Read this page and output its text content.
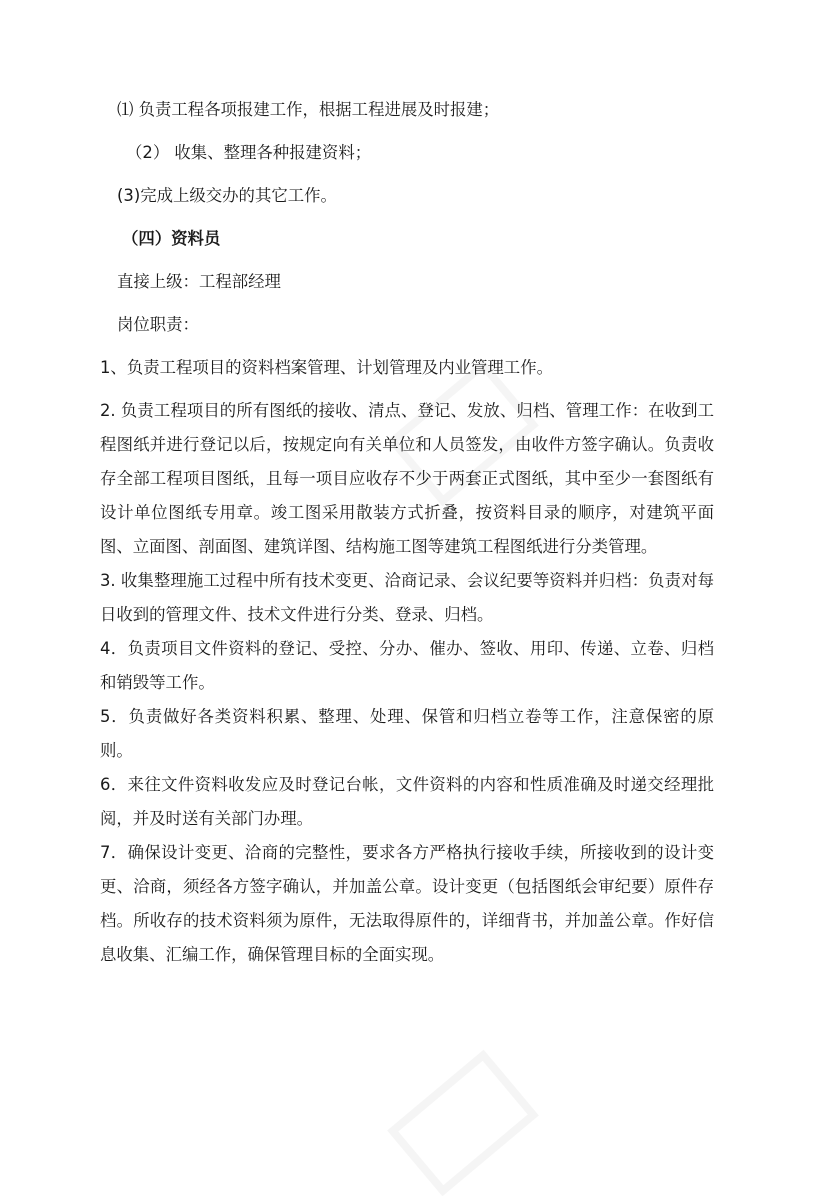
⑴ 负责工程各项报建工作，根据工程进展及时报建；

（2） 收集、整理各种报建资料；

(3)完成上级交办的其它工作。

（四）资料员

直接上级：工程部经理

岗位职责：

1、负责工程项目的资料档案管理、计划管理及内业管理工作。

2. 负责工程项目的所有图纸的接收、清点、登记、发放、归档、管理工作：在收到工程图纸并进行登记以后，按规定向有关单位和人员签发，由收件方签字确认。负责收存全部工程项目图纸，且每一项目应收存不少于两套正式图纸，其中至少一套图纸有设计单位图纸专用章。竣工图采用散装方式折叠，按资料目录的顺序，对建筑平面图、立面图、剖面图、建筑详图、结构施工图等建筑工程图纸进行分类管理。

3. 收集整理施工过程中所有技术变更、洽商记录、会议纪要等资料并归档：负责对每日收到的管理文件、技术文件进行分类、登录、归档。

4．负责项目文件资料的登记、受控、分办、催办、签收、用印、传递、立卷、归档和销毁等工作。

5．负责做好各类资料积累、整理、处理、保管和归档立卷等工作，注意保密的原则。

6．来往文件资料收发应及时登记台帐，文件资料的内容和性质准确及时递交经理批阅，并及时送有关部门办理。

7．确保设计变更、洽商的完整性，要求各方严格执行接收手续，所接收到的设计变更、洽商，须经各方签字确认，并加盖公章。设计变更（包括图纸会审纪要）原件存档。所收存的技术资料须为原件，无法取得原件的，详细背书，并加盖公章。作好信息收集、汇编工作，确保管理目标的全面实现。
